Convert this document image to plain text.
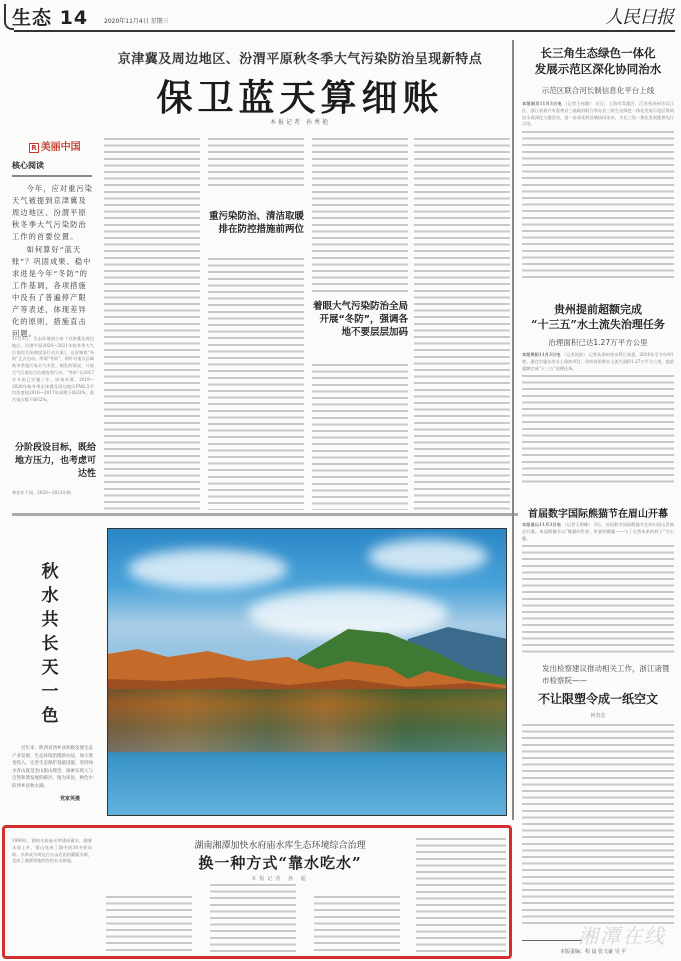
生态 14	2020年11月4日 星期三	人民日报
京津冀及周边地区、汾渭平原秋冬季大气污染防治呈现新特点
保卫蓝天算细账
本报记者 孙秀艳
R 美丽中国
核心阅读

今年，应对重污染天气被提到京津冀及周边地区、汾渭平原秋冬季大气污染防治工作的首要位置。

如何算好“蓝天账”？巩固成果、稳中求进是今年“冬防”的工作基调，各项措施中没有了普遍停产限产等表述，体现差异化的原则，措施直击问题。

11月3日，生态环境部公布《京津冀及周边地区、汾渭平原2020—2021年秋冬季大气污染综合治理攻坚行动方案》，这意味着“冬防”正式启动。所谓“冬防”，即针对重点区域秋冬季重污染天气多发、频发的情况，开展大气污染综合治理攻坚行动。“冬防”自2017年开始已实施三年，成效卓著。2019—2020年秋冬季京津冀及周边地区PM2.5平均浓度较2016—2017年同期下降33%，重污染天数下降52%。
分阶段设目标，既给地方压力，也考虑可达性
和往年不同，2020—2021年秋
重污染防治、清洁取暖排在防控措施前两位
着眼大气污染防治全局开展“冬防”，强调各地不要层层加码
长三角生态绿色一体化
发展示范区深化协同治水
示范区联合河长制信息化平台上线
本报南京11月3日电 （记者王伟健） 近日，上海市青浦区、江苏省苏州市吴江区、浙江省嘉兴市嘉善县三地政府联合举办长三角生态绿色一体化发展示范区协同治水再深化主题活动，进一步深化跨区域协同治水，为长三角一体化发展提供先行示范。
贵州提前超额完成
“十三五”水土流失治理任务
治理面积已达1.27万平方公里
本报贵阳11月3日电 （记者苏滨） 记者从贵州省水利厅获悉，2016年至今年9月底，通过实施各类水土保持项目，贵州省治理水土流失面积1.27万平方公里，提前超额完成“十三五”治理任务。
首届数字国际熊猫节在眉山开幕
本报眉山11月3日电 （记者王明峰） 3日，首届数字国际熊猫节在四川眉山青神县开幕。本届熊猫节以“熊猫的世界，世界的熊猫——与了自然本来的样子”为主题。
发出检察建议推动相关工作，浙江诸暨市检察院——
不让限塑令成一纸空文
何贵忠
秋水共长天一色
近年来，陕西省西乡县积极发展生态产业发展，生态环境治理新办法，加大资金投入，完善生态保护基础设施，坚持绿水青山就是金山银山理念，探索实现人与自然和谐发展的路径。图为该县，秋色中的西乡县秋水湖。
党家英摄
1960年，湖南水府庙水库建成蓄水，随着水面上升，群山变成了湖中的30多座岛屿。水库成为周边百万亩农田的灌溉水源，也成了湘潭等地的饮用水水源地。
湖南湘潭加快水府庙水库生态环境综合治理
换一种方式“靠水吃水”
本报记者 孙 超
湘潭在线
本版责编：程 晨 张文豪 吴 平
